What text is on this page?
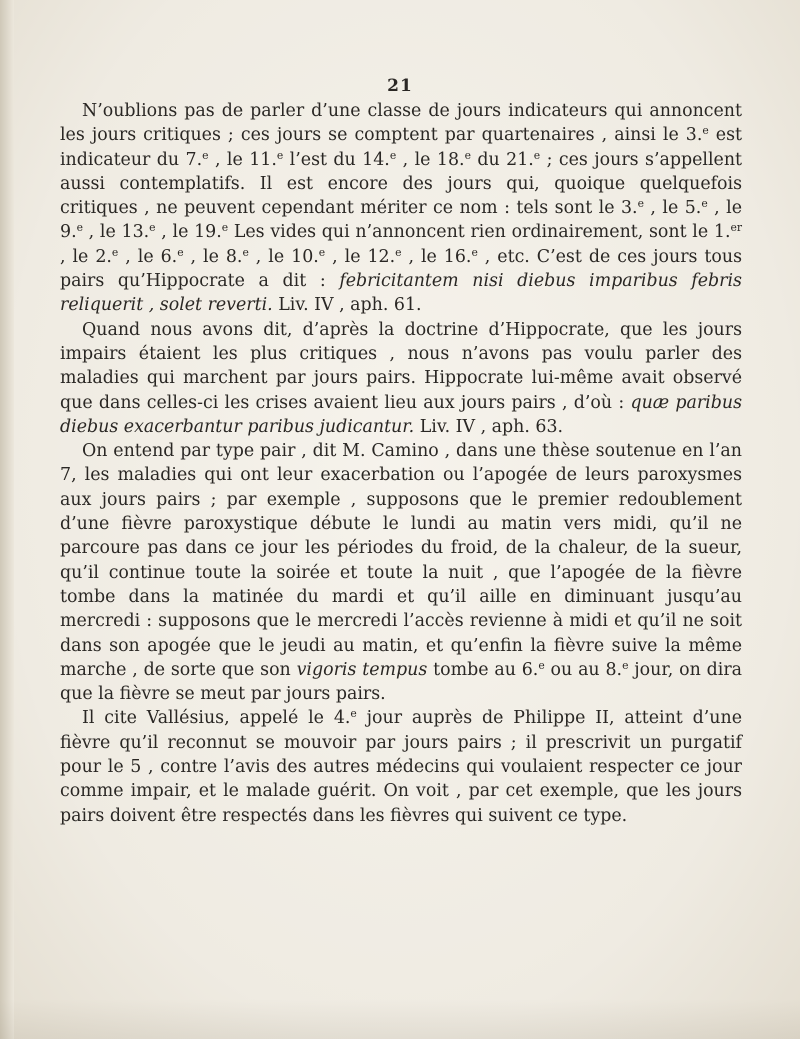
21

N’oublions pas de parler d’une classe de jours indicateurs qui annoncent les jours critiques ; ces jours se comptent par quartenaires , ainsi le 3.$^e$ est indicateur du 7.$^e$ , le 11.$^e$ l’est du 14.$^e$ , le 18.$^e$ du 21.$^e$ ; ces jours s’appellent aussi contemplatifs. Il est encore des jours qui, quoique quelquefois critiques , ne peuvent cependant mériter ce nom : tels sont le 3.$^e$ , le 5.$^e$ , le 9.$^e$ , le 13.$^e$ , le 19.$^e$ Les vides qui n’annoncent rien ordinairement, sont le 1.$^{er}$ , le 2.$^e$ , le 6.$^e$ , le 8.$^e$ , le 10.$^e$ , le 12.$^e$ , le 16.$^e$ , etc. C’est de ces jours tous pairs qu’Hippocrate a dit : febricitantem nisi diebus imparibus febris reliquerit , solet reverti. Liv. IV , aph. 61.

Quand nous avons dit, d’après la doctrine d’Hippocrate, que les jours impairs étaient les plus critiques , nous n’avons pas voulu parler des maladies qui marchent par jours pairs. Hippocrate lui-même avait observé que dans celles-ci les crises avaient lieu aux jours pairs , d’où : quæ paribus diebus exacerbantur paribus judicantur. Liv. IV , aph. 63.

On entend par type pair , dit M. Camino , dans une thèse soutenue en l’an 7, les maladies qui ont leur exacerbation ou l’apogée de leurs paroxysmes aux jours pairs ; par exemple , supposons que le premier redoublement d’une fièvre paroxystique débute le lundi au matin vers midi, qu’il ne parcoure pas dans ce jour les périodes du froid, de la chaleur, de la sueur, qu’il continue toute la soirée et toute la nuit , que l’apogée de la fièvre tombe dans la matinée du mardi et qu’il aille en diminuant jusqu’au mercredi : supposons que le mercredi l’accès revienne à midi et qu’il ne soit dans son apogée que le jeudi au matin, et qu’enfin la fièvre suive la même marche , de sorte que son vigoris tempus tombe au 6.$^e$ ou au 8.$^e$ jour, on dira que la fièvre se meut par jours pairs.

Il cite Vallésius, appelé le 4.$^e$ jour auprès de Philippe II, atteint d’une fièvre qu’il reconnut se mouvoir par jours pairs ; il prescrivit un purgatif pour le 5 , contre l’avis des autres médecins qui voulaient respecter ce jour comme impair, et le malade guérit. On voit , par cet exemple, que les jours pairs doivent être respectés dans les fièvres qui suivent ce type.
